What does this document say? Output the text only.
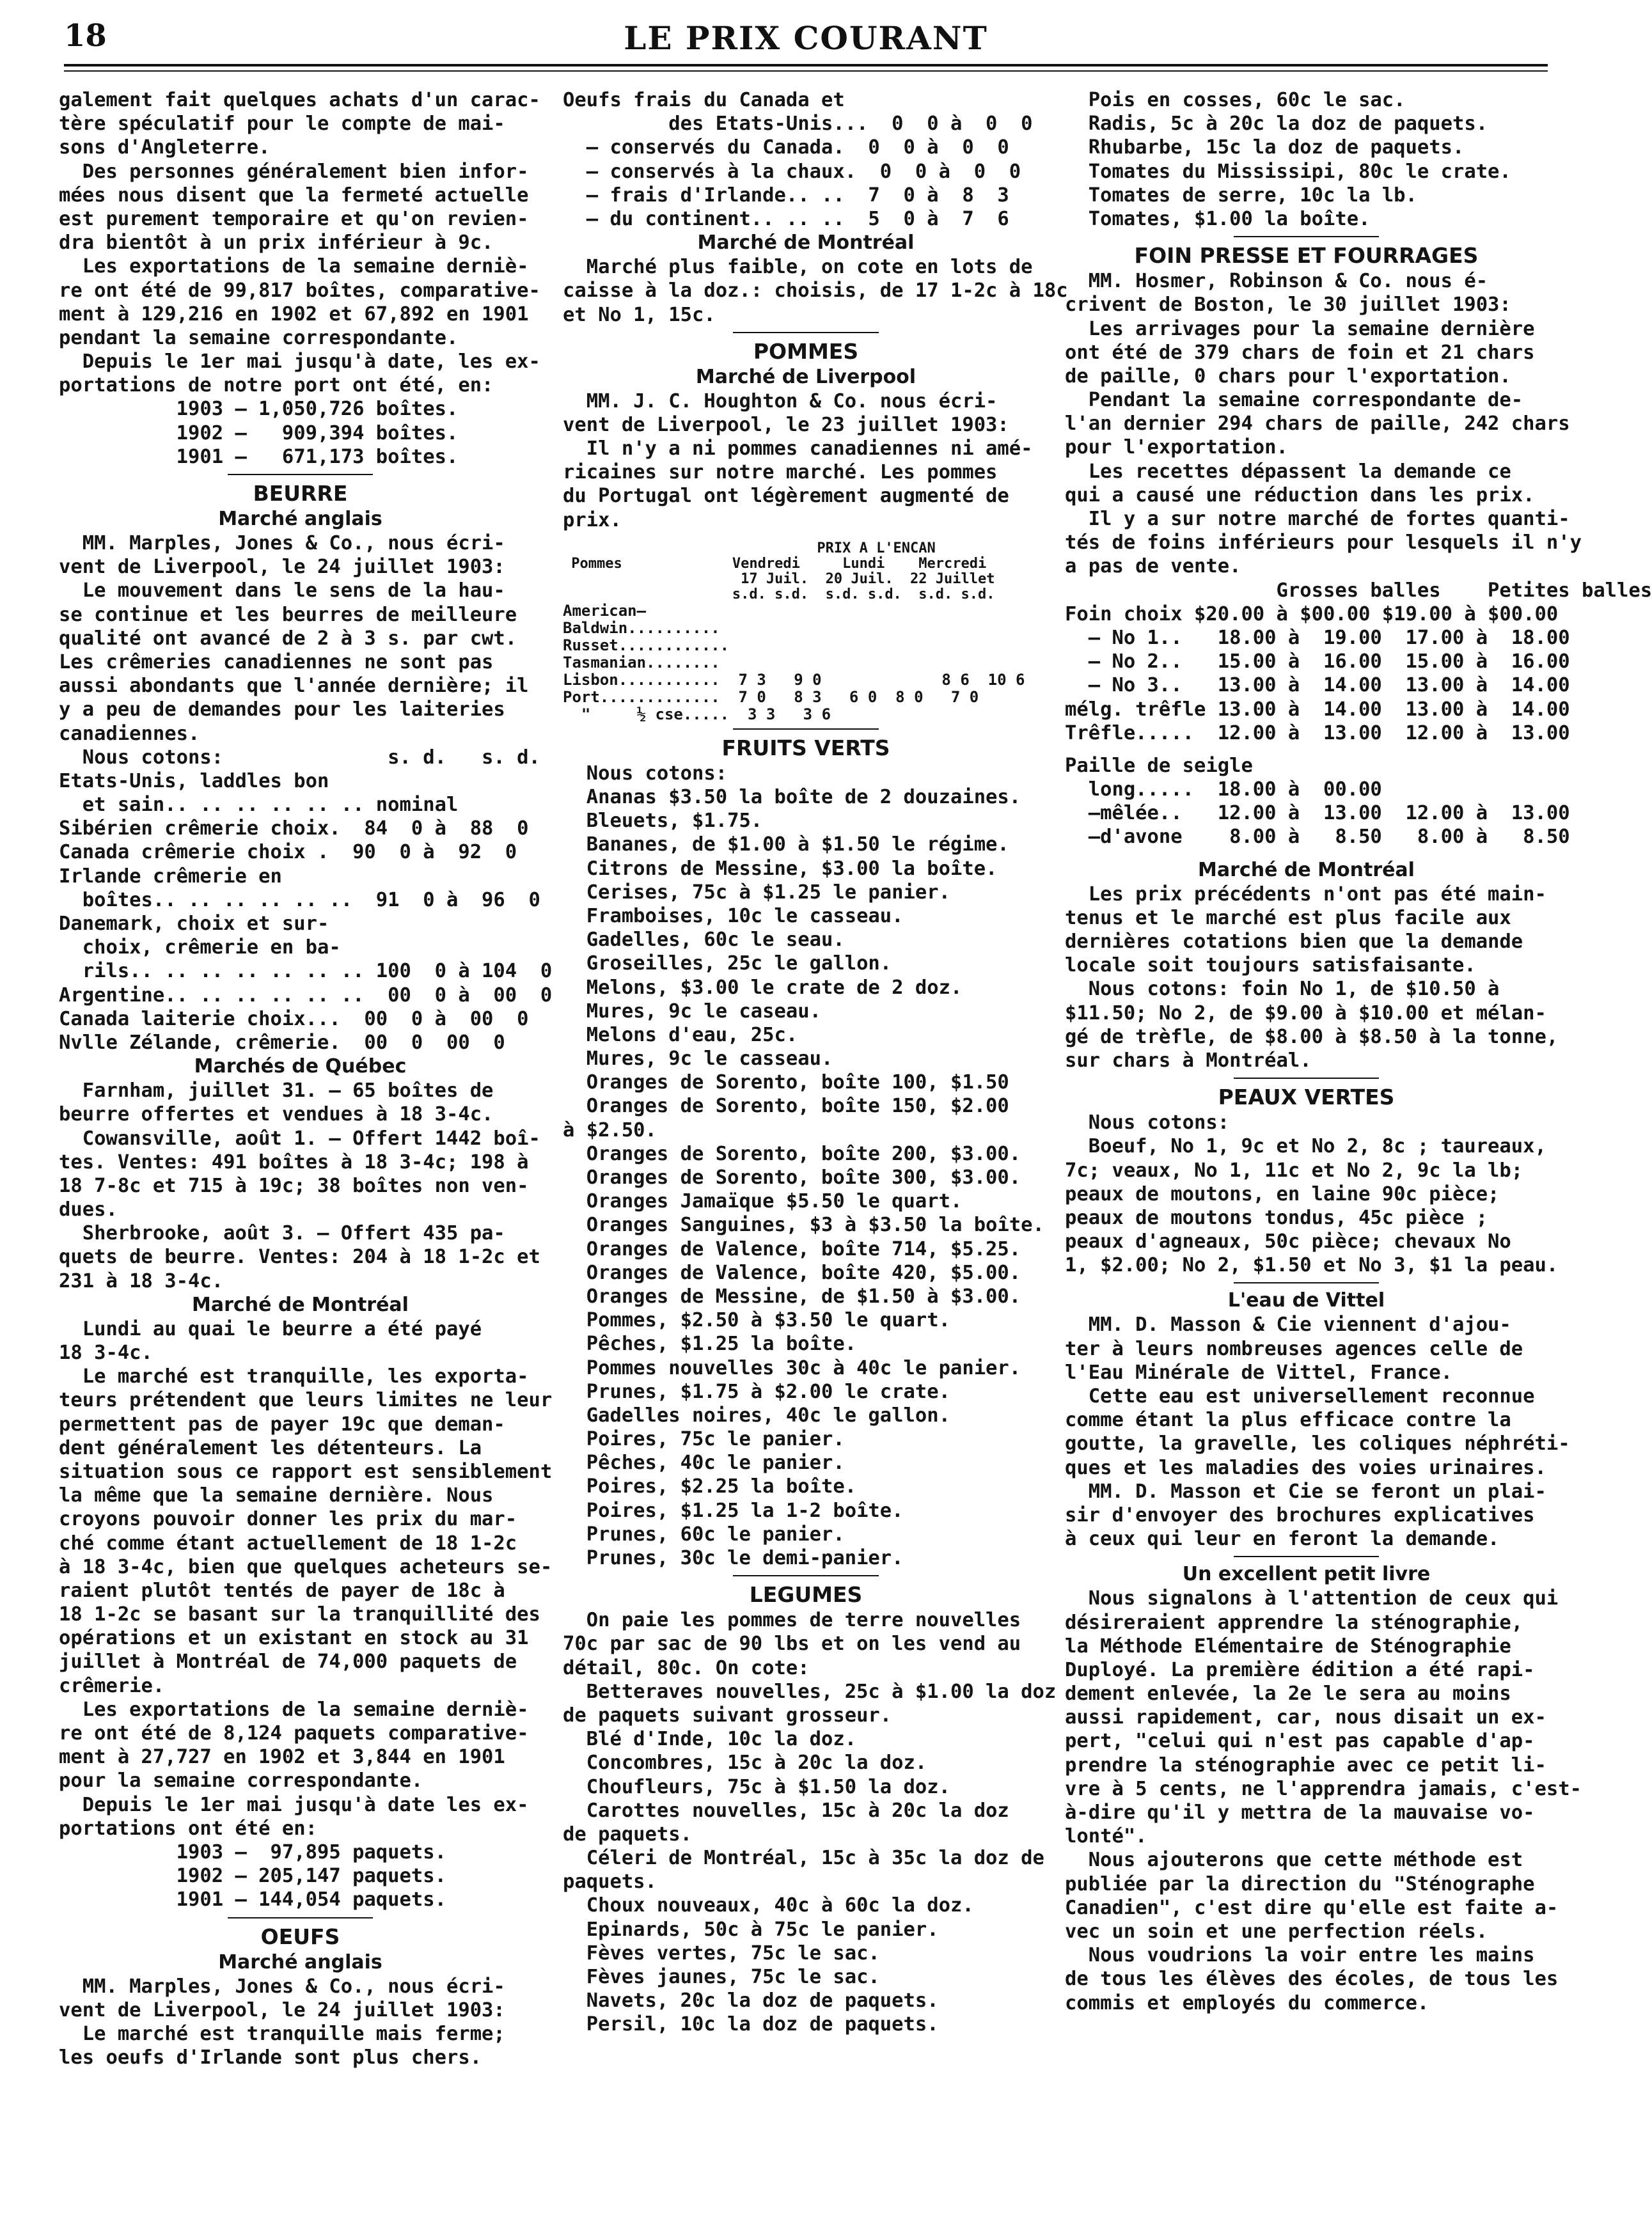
18	LE PRIX COURANT
galement fait quelques achats d'un carac-
tère spéculatif pour le compte de mai-
sons d'Angleterre.
Des personnes généralement bien infor-
mées nous disent que la fermeté actuelle
est purement temporaire et qu'on revien-
dra bientôt à un prix inférieur à 9c.
Les exportations de la semaine derniè-
re ont été de 99,817 boîtes, comparative-
ment à 129,216 en 1902 et 67,892 en 1901
pendant la semaine correspondante.
Depuis le 1er mai jusqu'à date, les ex-
portations de notre port ont été, en:
1903 — 1,050,726 boîtes.
1902 —   909,394 boîtes.
1901 —   671,173 boîtes.
BEURRE
Marché anglais
MM. Marples, Jones & Co., nous écri-
vent de Liverpool, le 24 juillet 1903:
Le mouvement dans le sens de la hau-
se continue et les beurres de meilleure
qualité ont avancé de 2 à 3 s. par cwt.
Les crêmeries canadiennes ne sont pas
aussi abondants que l'année dernière; il
y a peu de demandes pour les laiteries
canadiennes.
Nous cotons:              s. d.   s. d.
Etats-Unis, laddles bon
et sain.. .. .. .. .. .. nominal
Sibérien crêmerie choix.  84  0 à  88  0
Canada crêmerie choix .  90  0 à  92  0
Irlande crêmerie en
boîtes.. .. .. .. .. ..  91  0 à  96  0
Danemark, choix et sur-
choix, crêmerie en ba-
rils.. .. .. .. .. .. .. 100  0 à 104  0
Argentine.. .. .. .. .. ..  00  0 à  00  0
Canada laiterie choix...  00  0 à  00  0
Nvlle Zélande, crêmerie.  00  0  00  0
Marchés de Québec
Farnham, juillet 31. — 65 boîtes de
beurre offertes et vendues à 18 3-4c.
Cowansville, août 1. — Offert 1442 boî-
tes. Ventes: 491 boîtes à 18 3-4c; 198 à
18 7-8c et 715 à 19c; 38 boîtes non ven-
dues.
Sherbrooke, août 3. — Offert 435 pa-
quets de beurre. Ventes: 204 à 18 1-2c et
231 à 18 3-4c.
Marché de Montréal
Lundi au quai le beurre a été payé
18 3-4c.
Le marché est tranquille, les exporta-
teurs prétendent que leurs limites ne leur
permettent pas de payer 19c que deman-
dent généralement les détenteurs. La
situation sous ce rapport est sensiblement
la même que la semaine dernière. Nous
croyons pouvoir donner les prix du mar-
ché comme étant actuellement de 18 1-2c
à 18 3-4c, bien que quelques acheteurs se-
raient plutôt tentés de payer de 18c à
18 1-2c se basant sur la tranquillité des
opérations et un existant en stock au 31
juillet à Montréal de 74,000 paquets de
crêmerie.
Les exportations de la semaine derniè-
re ont été de 8,124 paquets comparative-
ment à 27,727 en 1902 et 3,844 en 1901
pour la semaine correspondante.
Depuis le 1er mai jusqu'à date les ex-
portations ont été en:
1903 —  97,895 paquets.
1902 — 205,147 paquets.
1901 — 144,054 paquets.
OEUFS
Marché anglais
MM. Marples, Jones & Co., nous écri-
vent de Liverpool, le 24 juillet 1903:
Le marché est tranquille mais ferme;
les oeufs d'Irlande sont plus chers.
Oeufs frais du Canada et
des Etats-Unis...  0  0 à  0  0
— conservés du Canada.  0  0 à  0  0
— conservés à la chaux.  0  0 à  0  0
— frais d'Irlande.. ..  7  0 à  8  3
— du continent.. .. ..  5  0 à  7  6
Marché de Montréal
Marché plus faible, on cote en lots de
caisse à la doz.: choisis, de 17 1-2c à 18c
et No 1, 15c.
POMMES
Marché de Liverpool
MM. J. C. Houghton & Co. nous écri-
vent de Liverpool, le 23 juillet 1903:
Il n'y a ni pommes canadiennes ni amé-
ricaines sur notre marché. Les pommes
du Portugal ont légèrement augmenté de
prix.
PRIX A L'ENCAN
Pommes             Vendredi     Lundi    Mercredi
17 Juil.  20 Juil.  22 Juillet
s.d. s.d.  s.d. s.d.  s.d. s.d.
American—
Baldwin..........
Russet............
Tasmanian........
Lisbon...........  7 3   9 0             8 6  10 6
Port.............  7 0   8 3   6 0  8 0   7 0
"     ½ cse.....  3 3   3 6
FRUITS VERTS
Nous cotons:
Ananas $3.50 la boîte de 2 douzaines.
Bleuets, $1.75.
Bananes, de $1.00 à $1.50 le régime.
Citrons de Messine, $3.00 la boîte.
Cerises, 75c à $1.25 le panier.
Framboises, 10c le casseau.
Gadelles, 60c le seau.
Groseilles, 25c le gallon.
Melons, $3.00 le crate de 2 doz.
Mures, 9c le caseau.
Melons d'eau, 25c.
Mures, 9c le casseau.
Oranges de Sorento, boîte 100, $1.50
Oranges de Sorento, boîte 150, $2.00
à $2.50.
Oranges de Sorento, boîte 200, $3.00.
Oranges de Sorento, boîte 300, $3.00.
Oranges Jamaïque $5.50 le quart.
Oranges Sanguines, $3 à $3.50 la boîte.
Oranges de Valence, boîte 714, $5.25.
Oranges de Valence, boîte 420, $5.00.
Oranges de Messine, de $1.50 à $3.00.
Pommes, $2.50 à $3.50 le quart.
Pêches, $1.25 la boîte.
Pommes nouvelles 30c à 40c le panier.
Prunes, $1.75 à $2.00 le crate.
Gadelles noires, 40c le gallon.
Poires, 75c le panier.
Pêches, 40c le panier.
Poires, $2.25 la boîte.
Poires, $1.25 la 1-2 boîte.
Prunes, 60c le panier.
Prunes, 30c le demi-panier.
LEGUMES
On paie les pommes de terre nouvelles
70c par sac de 90 lbs et on les vend au
détail, 80c. On cote:
Betteraves nouvelles, 25c à $1.00 la doz
de paquets suivant grosseur.
Blé d'Inde, 10c la doz.
Concombres, 15c à 20c la doz.
Choufleurs, 75c à $1.50 la doz.
Carottes nouvelles, 15c à 20c la doz
de paquets.
Céleri de Montréal, 15c à 35c la doz de
paquets.
Choux nouveaux, 40c à 60c la doz.
Epinards, 50c à 75c le panier.
Fèves vertes, 75c le sac.
Fèves jaunes, 75c le sac.
Navets, 20c la doz de paquets.
Persil, 10c la doz de paquets.
Pois en cosses, 60c le sac.
Radis, 5c à 20c la doz de paquets.
Rhubarbe, 15c la doz de paquets.
Tomates du Mississipi, 80c le crate.
Tomates de serre, 10c la lb.
Tomates, $1.00 la boîte.
FOIN PRESSE ET FOURRAGES
MM. Hosmer, Robinson & Co. nous é-
crivent de Boston, le 30 juillet 1903:
Les arrivages pour la semaine dernière
ont été de 379 chars de foin et 21 chars
de paille, 0 chars pour l'exportation.
Pendant la semaine correspondante de-
l'an dernier 294 chars de paille, 242 chars
pour l'exportation.
Les recettes dépassent la demande ce
qui a causé une réduction dans les prix.
Il y a sur notre marché de fortes quanti-
tés de foins inférieurs pour lesquels il n'y
a pas de vente.
Grosses balles    Petites balles
Foin choix $20.00 à $00.00 $19.00 à $00.00
— No 1..   18.00 à  19.00  17.00 à  18.00
— No 2..   15.00 à  16.00  15.00 à  16.00
— No 3..   13.00 à  14.00  13.00 à  14.00
mélg. trêfle 13.00 à  14.00  13.00 à  14.00
Trêfle.....  12.00 à  13.00  12.00 à  13.00
Paille de seigle
long.....  18.00 à  00.00
—mêlée..   12.00 à  13.00  12.00 à  13.00
—d'avone    8.00 à   8.50   8.00 à   8.50
Marché de Montréal
Les prix précédents n'ont pas été main-
tenus et le marché est plus facile aux
dernières cotations bien que la demande
locale soit toujours satisfaisante.
Nous cotons: foin No 1, de $10.50 à
$11.50; No 2, de $9.00 à $10.00 et mélan-
gé de trèfle, de $8.00 à $8.50 à la tonne,
sur chars à Montréal.
PEAUX VERTES
Nous cotons:
Boeuf, No 1, 9c et No 2, 8c ; taureaux,
7c; veaux, No 1, 11c et No 2, 9c la lb;
peaux de moutons, en laine 90c pièce;
peaux de moutons tondus, 45c pièce ;
peaux d'agneaux, 50c pièce; chevaux No
1, $2.00; No 2, $1.50 et No 3, $1 la peau.
L'eau de Vittel
MM. D. Masson & Cie viennent d'ajou-
ter à leurs nombreuses agences celle de
l'Eau Minérale de Vittel, France.
Cette eau est universellement reconnue
comme étant la plus efficace contre la
goutte, la gravelle, les coliques néphréti-
ques et les maladies des voies urinaires.
MM. D. Masson et Cie se feront un plai-
sir d'envoyer des brochures explicatives
à ceux qui leur en feront la demande.
Un excellent petit livre
Nous signalons à l'attention de ceux qui
désireraient apprendre la sténographie,
la Méthode Elémentaire de Sténographie
Duployé. La première édition a été rapi-
dement enlevée, la 2e le sera au moins
aussi rapidement, car, nous disait un ex-
pert, "celui qui n'est pas capable d'ap-
prendre la sténographie avec ce petit li-
vre à 5 cents, ne l'apprendra jamais, c'est-
à-dire qu'il y mettra de la mauvaise vo-
lonté".
Nous ajouterons que cette méthode est
publiée par la direction du "Sténographe
Canadien", c'est dire qu'elle est faite a-
vec un soin et une perfection réels.
Nous voudrions la voir entre les mains
de tous les élèves des écoles, de tous les
commis et employés du commerce.
